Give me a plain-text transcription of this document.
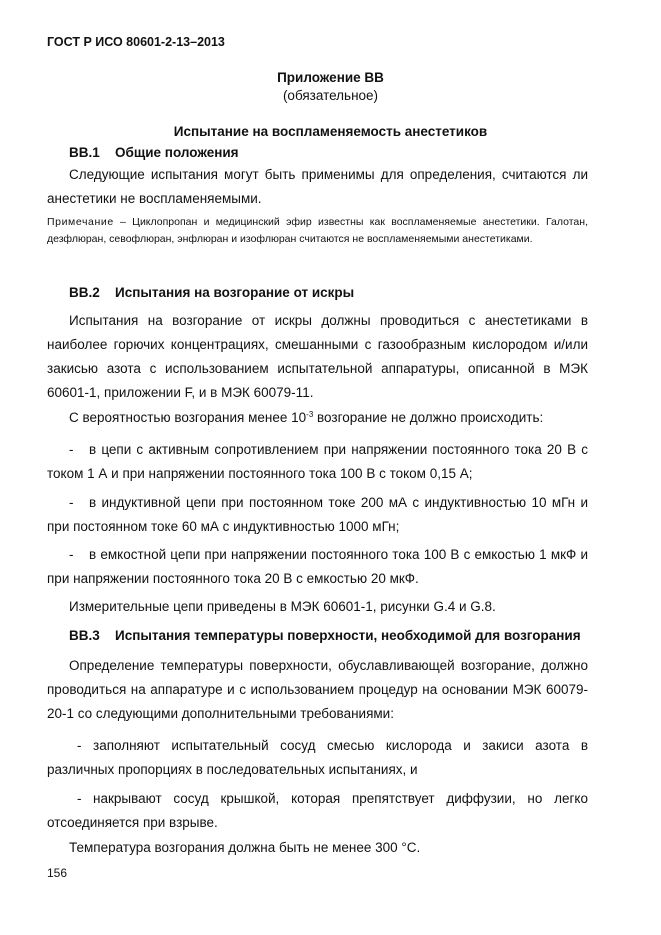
ГОСТ Р ИСО 80601-2-13–2013
Приложение ВВ
(обязательное)
Испытание на воспламеняемость анестетиков
ВВ.1 Общие положения
Следующие испытания могут быть применимы для определения, считаются ли анестетики не воспламеняемыми.
Примечание – Циклопропан и медицинский эфир известны как воспламеняемые анестетики. Галотан, дезфлюран, севофлюран, энфлюран и изофлюран считаются не воспламеняемыми анестетиками.
ВВ.2 Испытания на возгорание от искры
Испытания на возгорание от искры должны проводиться с анестетиками в наиболее горючих концентрациях, смешанными с газообразным кислородом и/или закисью азота с использованием испытательной аппаратуры, описанной в МЭК 60601-1, приложении F, и в МЭК 60079-11.
С вероятностью возгорания менее $10^{-3}$ возгорание не должно происходить:
- в цепи с активным сопротивлением при напряжении постоянного тока 20 В с током 1 А и при напряжении постоянного тока 100 В с током 0,15 А;
- в индуктивной цепи при постоянном токе 200 мА с индуктивностью 10 мГн и при постоянном токе 60 мА с индуктивностью 1000 мГн;
- в емкостной цепи при напряжении постоянного тока 100 В с емкостью 1 мкФ и при напряжении постоянного тока 20 В с емкостью 20 мкФ.
Измерительные цепи приведены в МЭК 60601-1, рисунки G.4 и G.8.
ВВ.3 Испытания температуры поверхности, необходимой для возгорания
Определение температуры поверхности, обуславливающей возгорание, должно проводиться на аппаратуре и с использованием процедур на основании МЭК 60079-20-1 со следующими дополнительными требованиями:
- заполняют испытательный сосуд смесью кислорода и закиси азота в различных пропорциях в последовательных испытаниях, и
- накрывают сосуд крышкой, которая препятствует диффузии, но легко отсоединяется при взрыве.
Температура возгорания должна быть не менее 300 °С.
156
